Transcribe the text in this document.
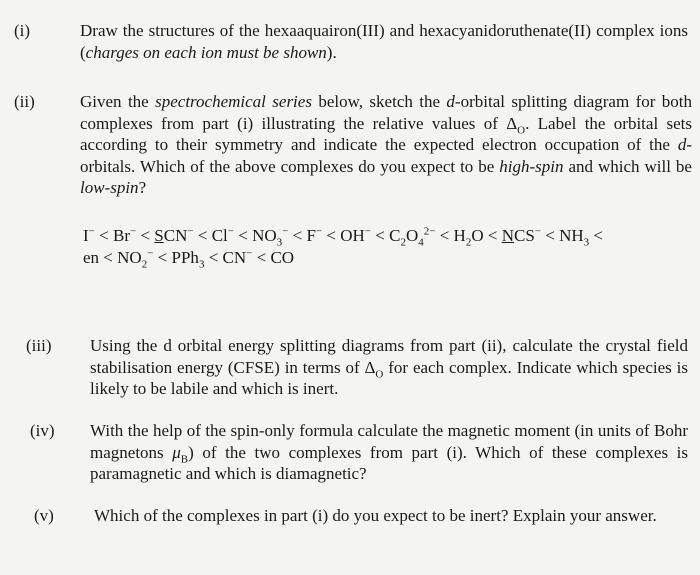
(i)	Draw the structures of the hexaaquairon(III) and hexacyanidoruthenate(II) complex ions (charges on each ion must be shown).
(ii)	Given the spectrochemical series below, sketch the d-orbital splitting diagram for both complexes from part (i) illustrating the relative values of $\Delta_O$. Label the orbital sets according to their symmetry and indicate the expected electron occupation of the d-orbitals. Which of the above complexes do you expect to be high-spin and which will be low-spin?
$I^- < Br^- < SCN^- < Cl^- < NO_3^- < F^- < OH^- < C_2O_4^{2-} < H_2O < NCS^- < NH_3$ <
en < $NO_2^- < PPh_3 < CN^-$ < CO
(iii) Using the d orbital energy splitting diagrams from part (ii), calculate the crystal field stabilisation energy (CFSE) in terms of $\Delta_O$ for each complex. Indicate which species is likely to be labile and which is inert.
(iv) With the help of the spin-only formula calculate the magnetic moment (in units of Bohr magnetons $\mu_B$) of the two complexes from part (i). Which of these complexes is paramagnetic and which is diamagnetic?
(v) Which of the complexes in part (i) do you expect to be inert? Explain your answer.
